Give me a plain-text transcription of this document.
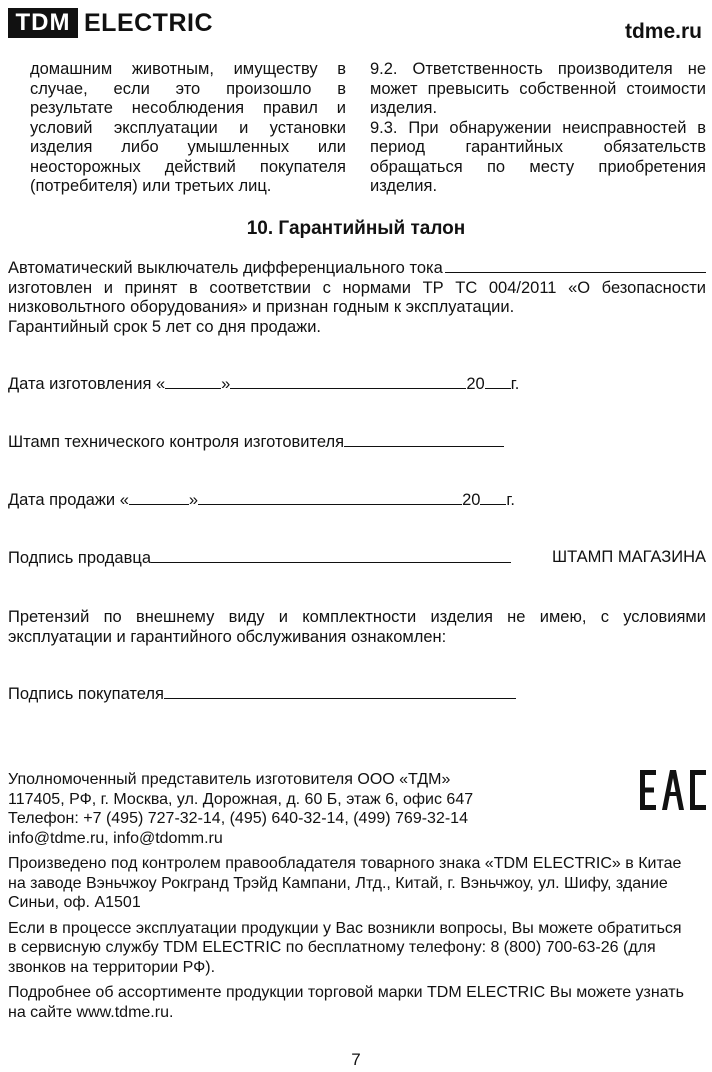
TDM ELECTRIC	tdme.ru

домашним животным, имуществу в случае, если это произошло в результате несоблюдения правил и условий эксплуатации и установки изделия либо умышленных или неосторожных действий покупателя (потребителя) или третьих лиц.

9.2. Ответственность производителя не может превысить собственной стоимости изделия.

9.3. При обнаружении неисправностей в период гарантийных обязательств обращаться по месту приобретения изделия.

10. Гарантийный талон
Автоматический выключатель дифференциального тока
изготовлен и принят в соответствии с нормами ТР ТС 004/2011 «О безопасности низковольтного оборудования» и признан годным к эксплуатации.
Гарантийный срок 5 лет со дня продажи.
Дата изготовления «	»	20 г.
Штамп технического контроля изготовителя
Дата продажи «	»	20 г.
Подпись продавца	ШТАМП МАГАЗИНА
Претензий по внешнему виду и комплектности изделия не имею, с условиями эксплуатации и гарантийного обслуживания ознакомлен:
Подпись покупателя

Уполномоченный представитель изготовителя ООО «ТДМ»
117405, РФ, г. Москва, ул. Дорожная, д. 60 Б, этаж 6, офис 647
Телефон: +7 (495) 727-32-14, (495) 640-32-14, (499) 769-32-14
info@tdme.ru, info@tdomm.ru

Произведено под контролем правообладателя товарного знака «TDM ELECTRIC» в Китае на заводе Вэньчжоу Рокгранд Трэйд Кампани, Лтд., Китай, г. Вэньчжоу, ул. Шифу, здание Синьи, оф. А1501

Если в процессе эксплуатации продукции у Вас возникли вопросы, Вы можете обратиться в сервисную службу TDM ELECTRIC по бесплатному телефону: 8 (800) 700-63-26 (для звонков на территории РФ).

Подробнее об ассортименте продукции торговой марки TDM ELECTRIC Вы можете узнать на сайте www.tdme.ru.

7
